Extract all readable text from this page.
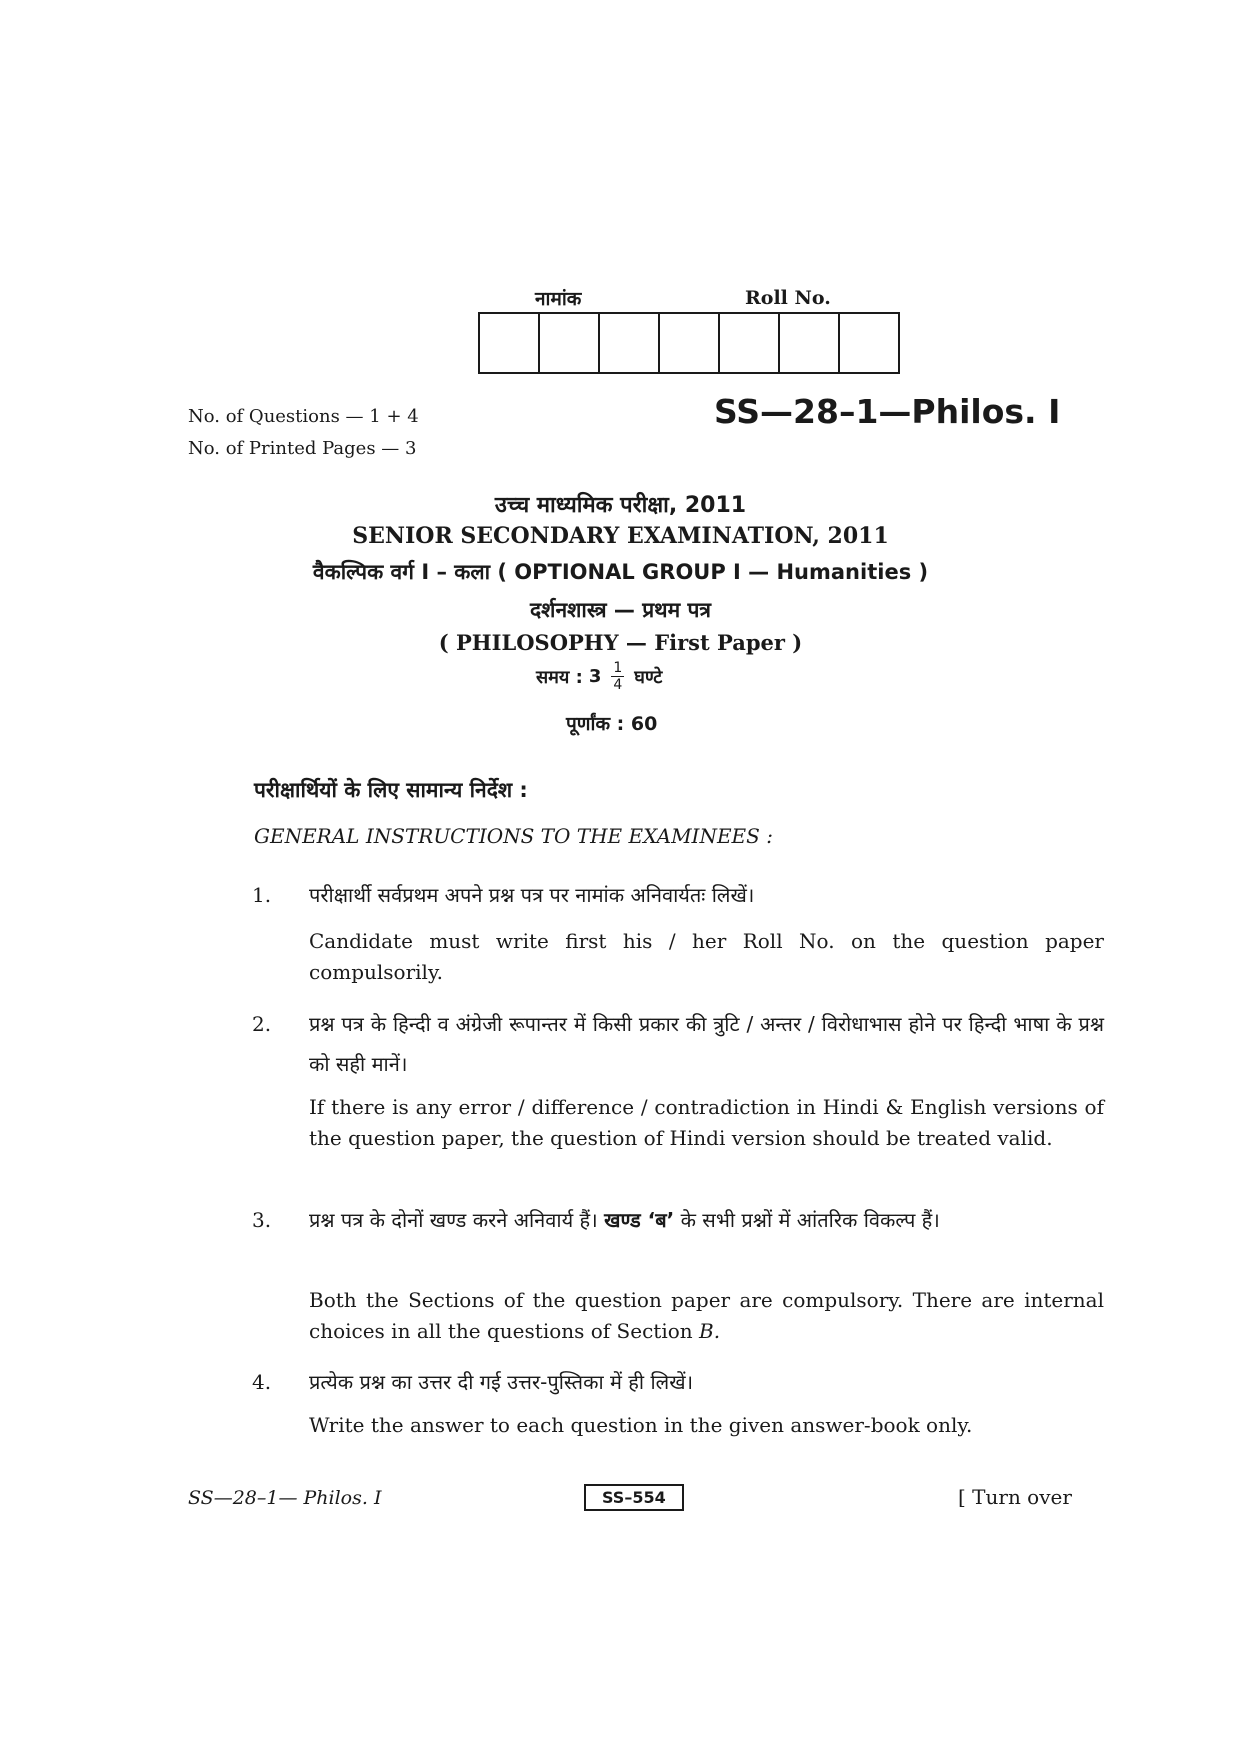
नामांक	Roll No.
No. of Questions — 1 + 4
No. of Printed Pages — 3
SS—28–1—Philos. I
उच्च माध्यमिक परीक्षा, 2011
SENIOR SECONDARY EXAMINATION, 2011
वैकल्पिक वर्ग I – कला ( OPTIONAL GROUP I — Humanities )
दर्शनशास्त्र — प्रथम पत्र
( PHILOSOPHY — First Paper )
समय : $3 \frac{1}{4}$ घण्टे
पूर्णांक : 60
परीक्षार्थियों के लिए सामान्य निर्देश :
GENERAL INSTRUCTIONS TO THE EXAMINEES :
1. परीक्षार्थी सर्वप्रथम अपने प्रश्न पत्र पर नामांक अनिवार्यतः लिखें।
Candidate must write first his / her Roll No. on the question paper compulsorily.
2. प्रश्न पत्र के हिन्दी व अंग्रेजी रूपान्तर में किसी प्रकार की त्रुटि / अन्तर / विरोधाभास होने पर हिन्दी भाषा के प्रश्न को सही मानें।
If there is any error / difference / contradiction in Hindi & English versions of the question paper, the question of Hindi version should be treated valid.
3. प्रश्न पत्र के दोनों खण्ड करने अनिवार्य हैं। खण्ड ‘ब’ के सभी प्रश्नों में आंतरिक विकल्प हैं।
Both the Sections of the question paper are compulsory. There are internal choices in all the questions of Section B.
4. प्रत्येक प्रश्न का उत्तर दी गई उत्तर-पुस्तिका में ही लिखें।
Write the answer to each question in the given answer-book only.
SS—28–1— Philos. I	SS–554	[ Turn over
